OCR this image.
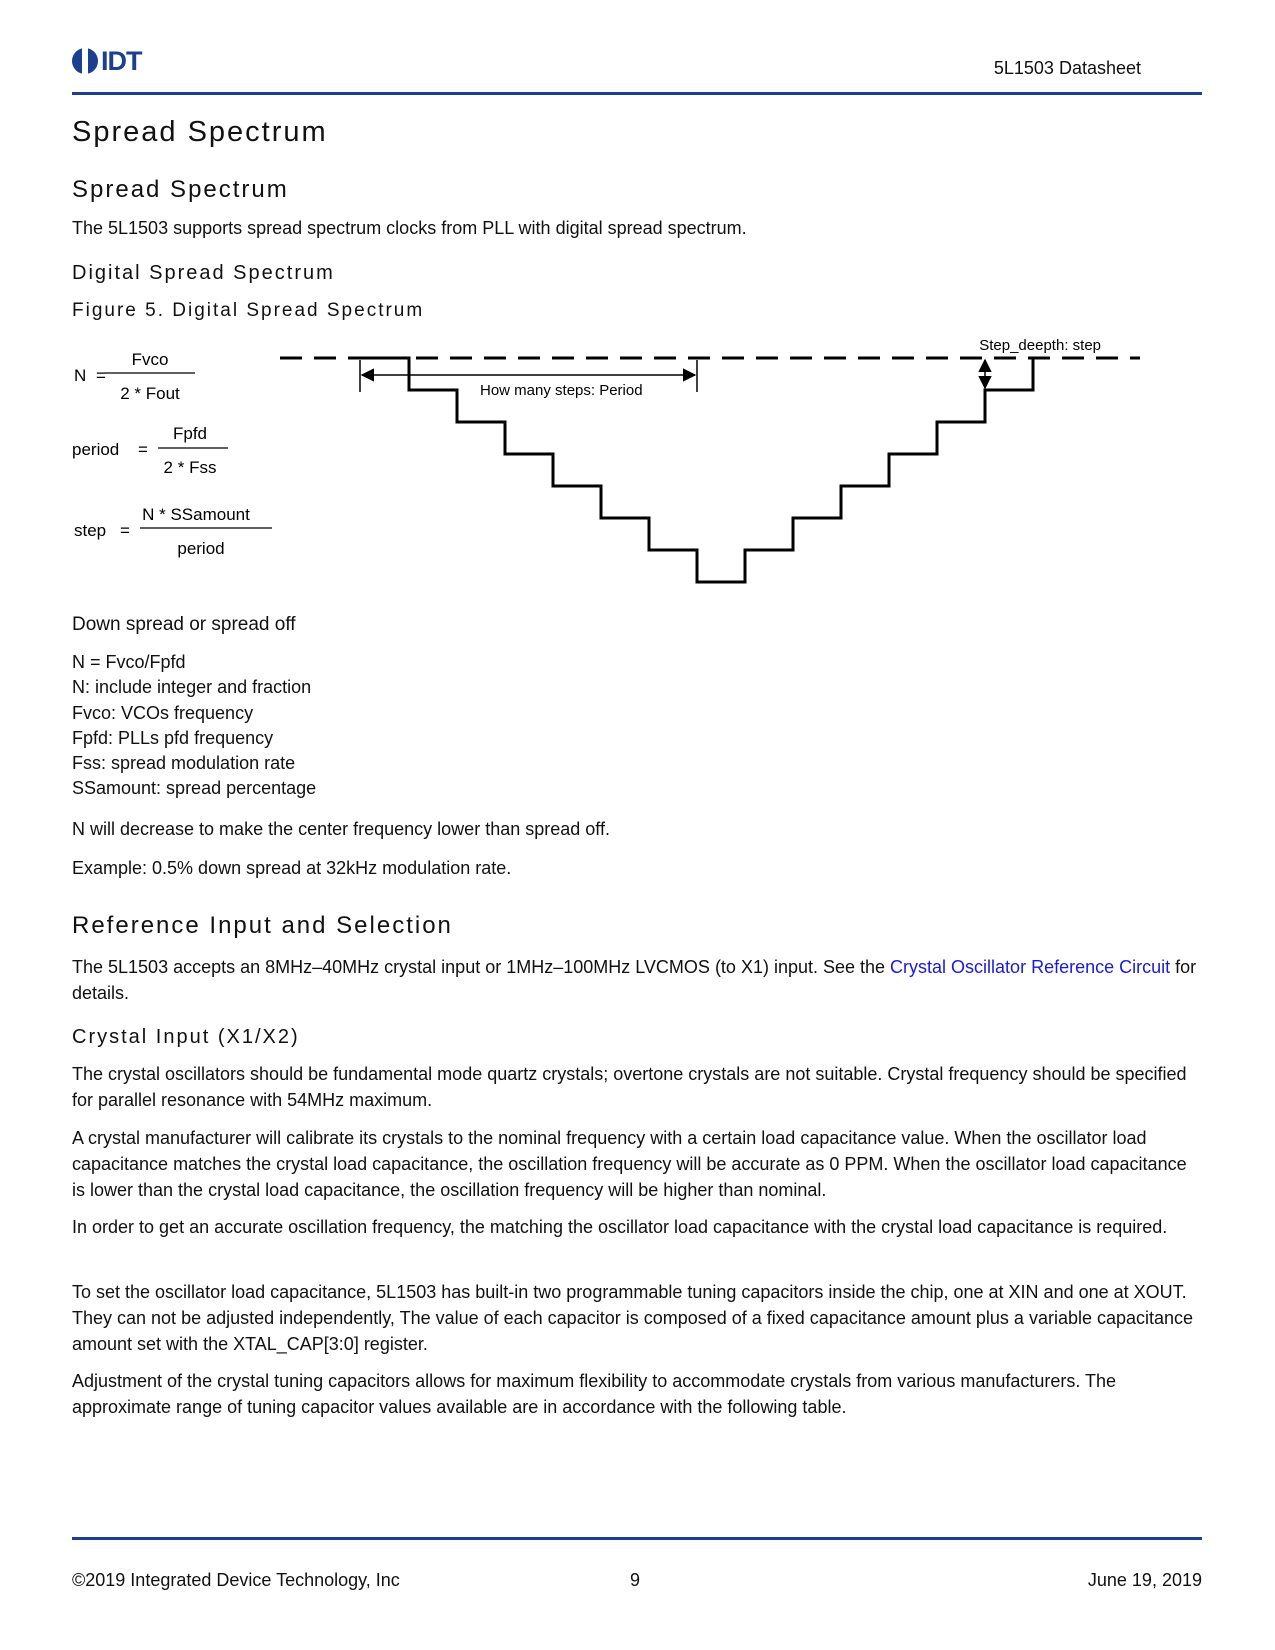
IDT	5L1503 Datasheet
Spread Spectrum
Spread Spectrum
The 5L1503 supports spread spectrum clocks from PLL with digital spread spectrum.
Digital Spread Spectrum
Figure 5. Digital Spread Spectrum
N =
Fvco
2 * Fout
period =
Fpfd
2 * Fss
step =
N * SSamount
period
How many steps: Period
Step_deepth: step
Down spread or spread off
N = Fvco/Fpfd
N: include integer and fraction
Fvco: VCOs frequency
Fpfd: PLLs pfd frequency
Fss: spread modulation rate
SSamount: spread percentage
N will decrease to make the center frequency lower than spread off.
Example: 0.5% down spread at 32kHz modulation rate.
Reference Input and Selection
The 5L1503 accepts an 8MHz–40MHz crystal input or 1MHz–100MHz LVCMOS (to X1) input. See the Crystal Oscillator Reference Circuit for details.
Crystal Input (X1/X2)
The crystal oscillators should be fundamental mode quartz crystals; overtone crystals are not suitable. Crystal frequency should be specified for parallel resonance with 54MHz maximum.
A crystal manufacturer will calibrate its crystals to the nominal frequency with a certain load capacitance value. When the oscillator load capacitance matches the crystal load capacitance, the oscillation frequency will be accurate as 0 PPM. When the oscillator load capacitance is lower than the crystal load capacitance, the oscillation frequency will be higher than nominal.
In order to get an accurate oscillation frequency, the matching the oscillator load capacitance with the crystal load capacitance is required.
To set the oscillator load capacitance, 5L1503 has built-in two programmable tuning capacitors inside the chip, one at XIN and one at XOUT. They can not be adjusted independently, The value of each capacitor is composed of a fixed capacitance amount plus a variable capacitance amount set with the XTAL_CAP[3:0] register.
Adjustment of the crystal tuning capacitors allows for maximum flexibility to accommodate crystals from various manufacturers. The approximate range of tuning capacitor values available are in accordance with the following table.
©2019 Integrated Device Technology, Inc	9	June 19, 2019
